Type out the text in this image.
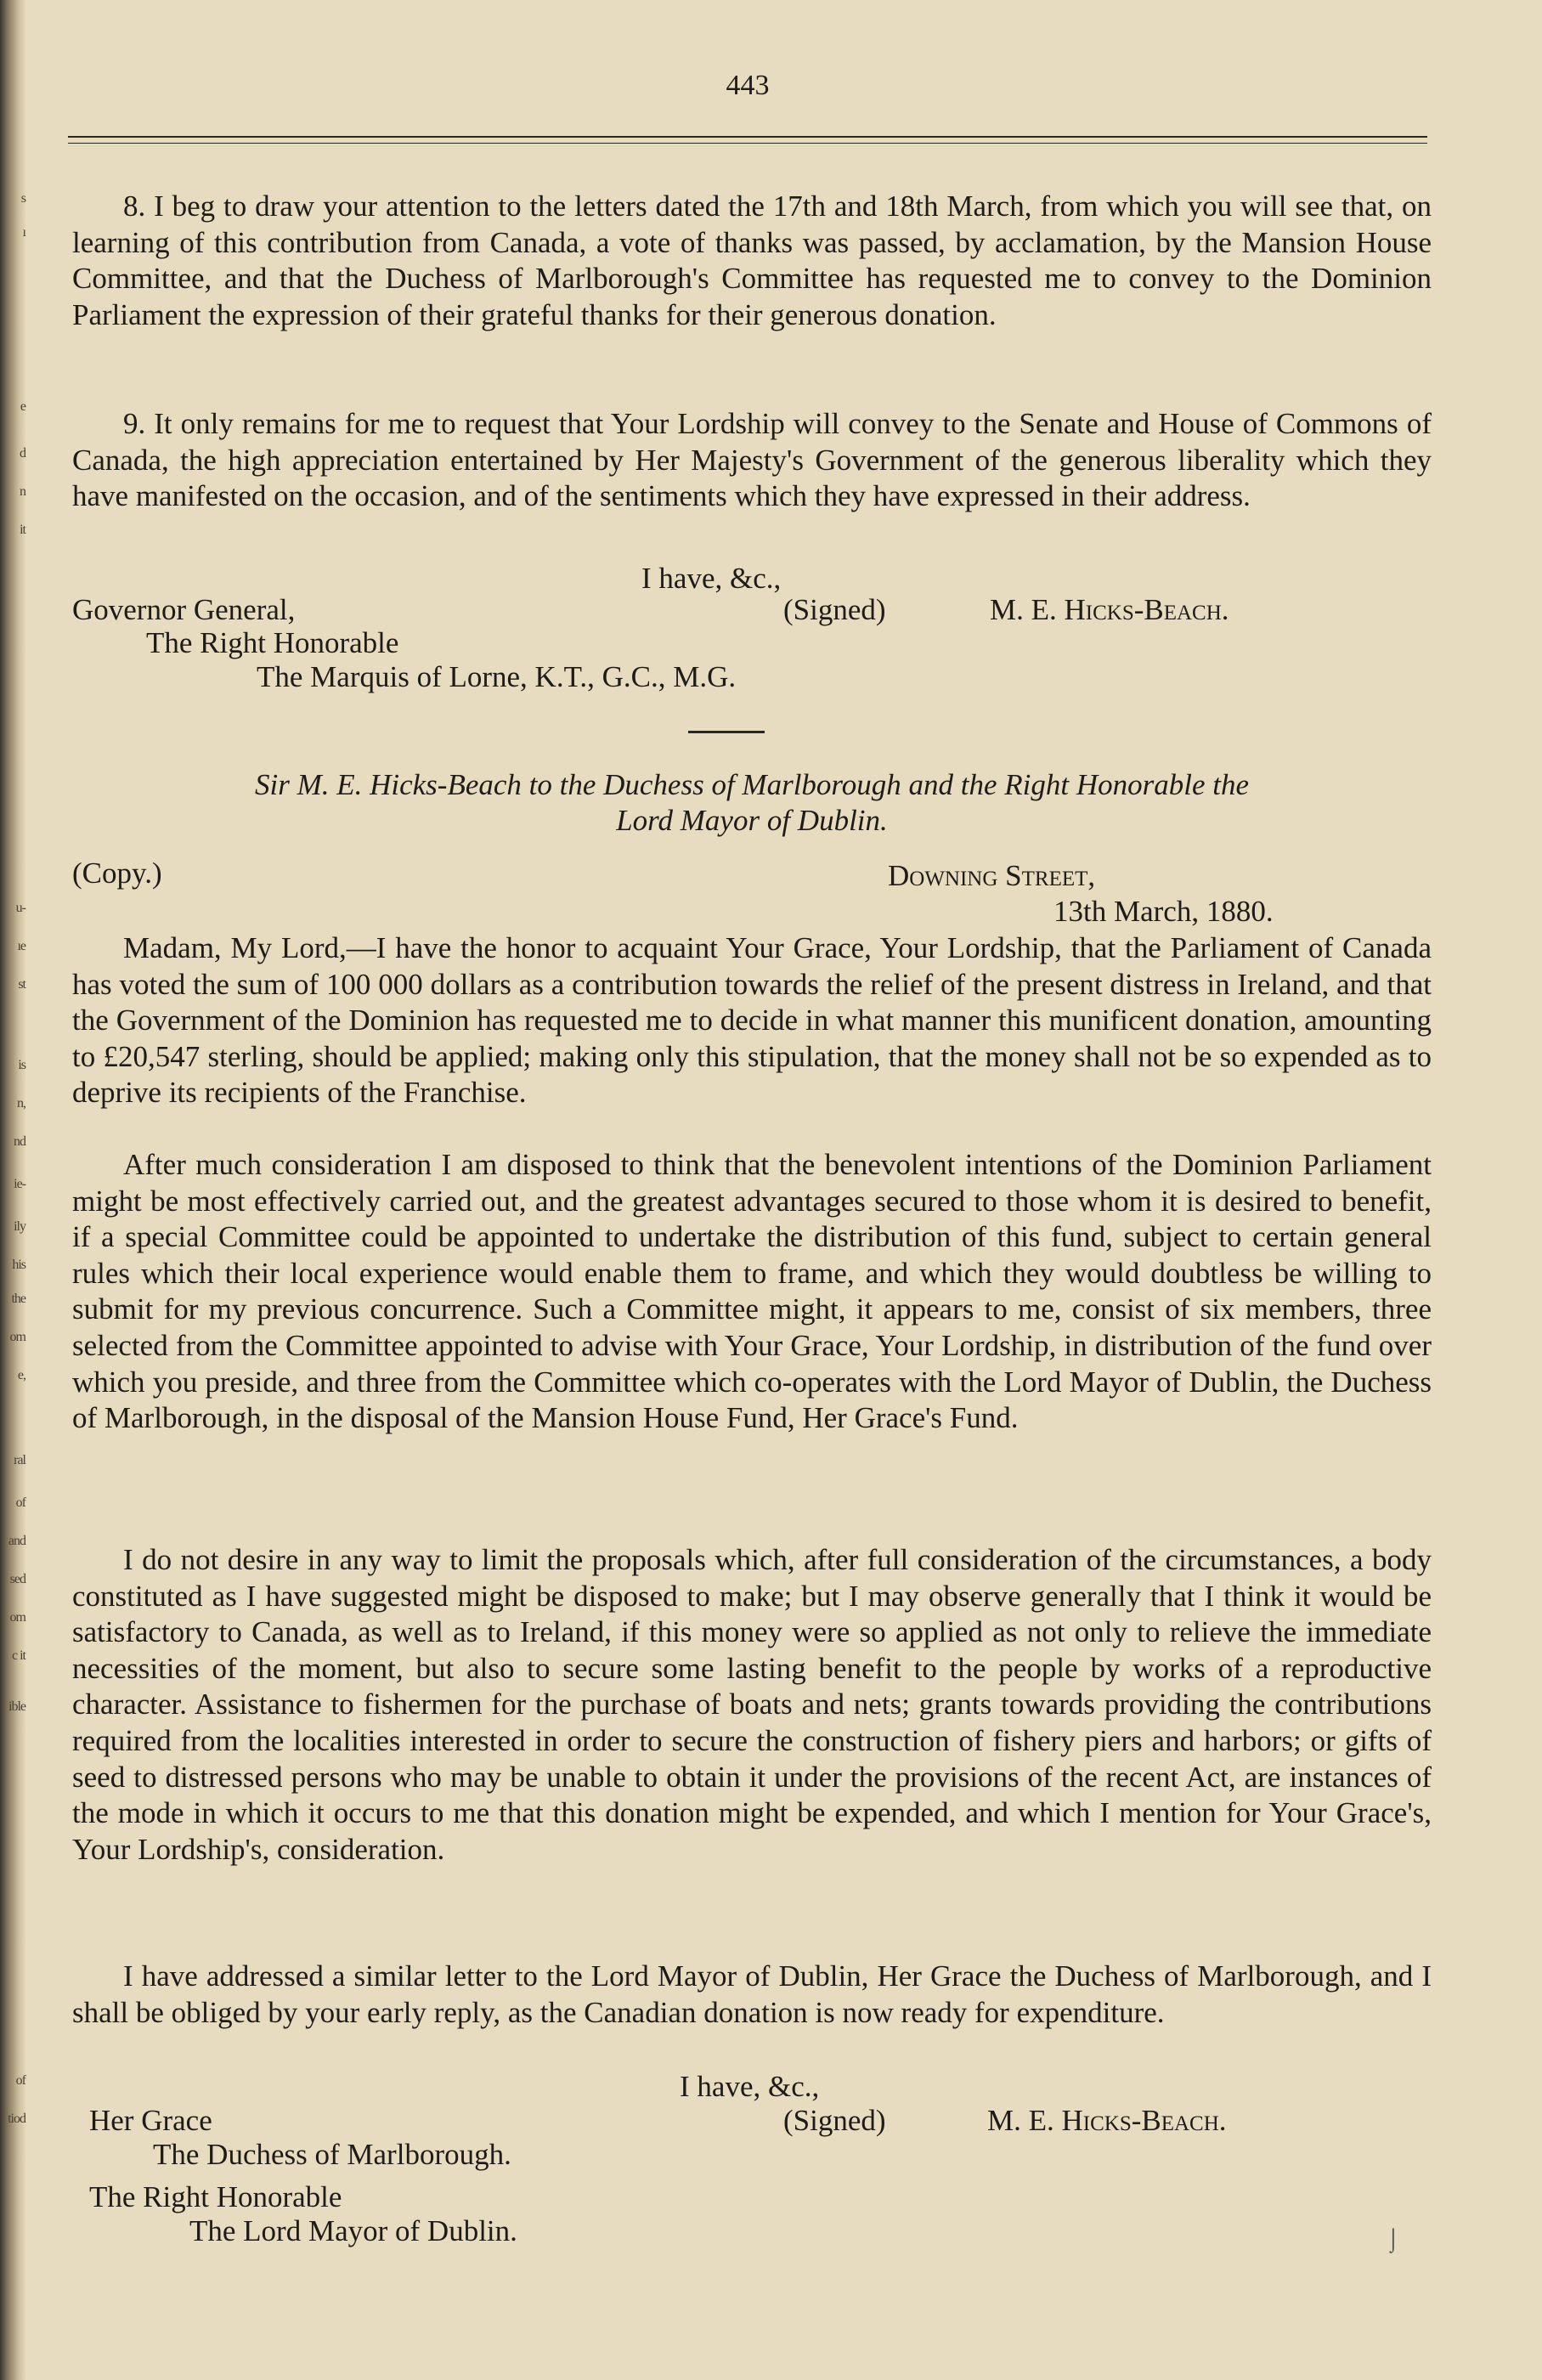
s
ı
e
d
n
it
u-
ıe
st
is
n,
nd
ie-
ily
his
the
om
e,
ral
of
and
sed
om
c it
ible
of
tiod
443
8. I beg to draw your attention to the letters dated the 17th and 18th March, from which you will see that, on learning of this contribution from Canada, a vote of thanks was passed, by acclamation, by the Mansion House Committee, and that the Duchess of Marlborough's Committee has requested me to convey to the Dominion Parliament the expression of their grateful thanks for their generous donation.
9. It only remains for me to request that Your Lordship will convey to the Senate and House of Commons of Canada, the high appreciation entertained by Her Majesty's Government of the generous liberality which they have manifested on the occasion, and of the sentiments which they have expressed in their address.
I have, &c.,
Governor General,	(Signed)	M. E. Hicks-Beach.
The Right Honorable
The Marquis of Lorne, K.T., G.C., M.G.
Sir M. E. Hicks-Beach to the Duchess of Marlborough and the Right Honorable the
Lord Mayor of Dublin.
(Copy.)	Downing Street,
13th March, 1880.
Madam, My Lord,—I have the honor to acquaint Your Grace, Your Lordship, that the Parliament of Canada has voted the sum of 100 000 dollars as a contribution towards the relief of the present distress in Ireland, and that the Government of the Dominion has requested me to decide in what manner this munificent donation, amounting to £20,547 sterling, should be applied; making only this stipulation, that the money shall not be so expended as to deprive its recipients of the Franchise.
After much consideration I am disposed to think that the benevolent intentions of the Dominion Parliament might be most effectively carried out, and the greatest advantages secured to those whom it is desired to benefit, if a special Committee could be appointed to undertake the distribution of this fund, subject to certain general rules which their local experience would enable them to frame, and which they would doubtless be willing to submit for my previous concurrence. Such a Committee might, it appears to me, consist of six members, three selected from the Committee appointed to advise with Your Grace, Your Lordship, in distribution of the fund over which you preside, and three from the Committee which co-operates with the Lord Mayor of Dublin, the Duchess of Marlborough, in the disposal of the Mansion House Fund, Her Grace's Fund.
I do not desire in any way to limit the proposals which, after full consideration of the circumstances, a body constituted as I have suggested might be disposed to make; but I may observe generally that I think it would be satisfactory to Canada, as well as to Ireland, if this money were so applied as not only to relieve the immediate necessities of the moment, but also to secure some lasting benefit to the people by works of a reproductive character. Assistance to fishermen for the purchase of boats and nets; grants towards providing the contributions required from the localities interested in order to secure the construction of fishery piers and harbors; or gifts of seed to distressed persons who may be unable to obtain it under the provisions of the recent Act, are instances of the mode in which it occurs to me that this donation might be expended, and which I mention for Your Grace's, Your Lordship's, consideration.
I have addressed a similar letter to the Lord Mayor of Dublin, Her Grace the Duchess of Marlborough, and I shall be obliged by your early reply, as the Canadian donation is now ready for expenditure.
I have, &c.,
Her Grace	(Signed)	M. E. Hicks-Beach.
The Duchess of Marlborough.
The Right Honorable
The Lord Mayor of Dublin.	⌡
